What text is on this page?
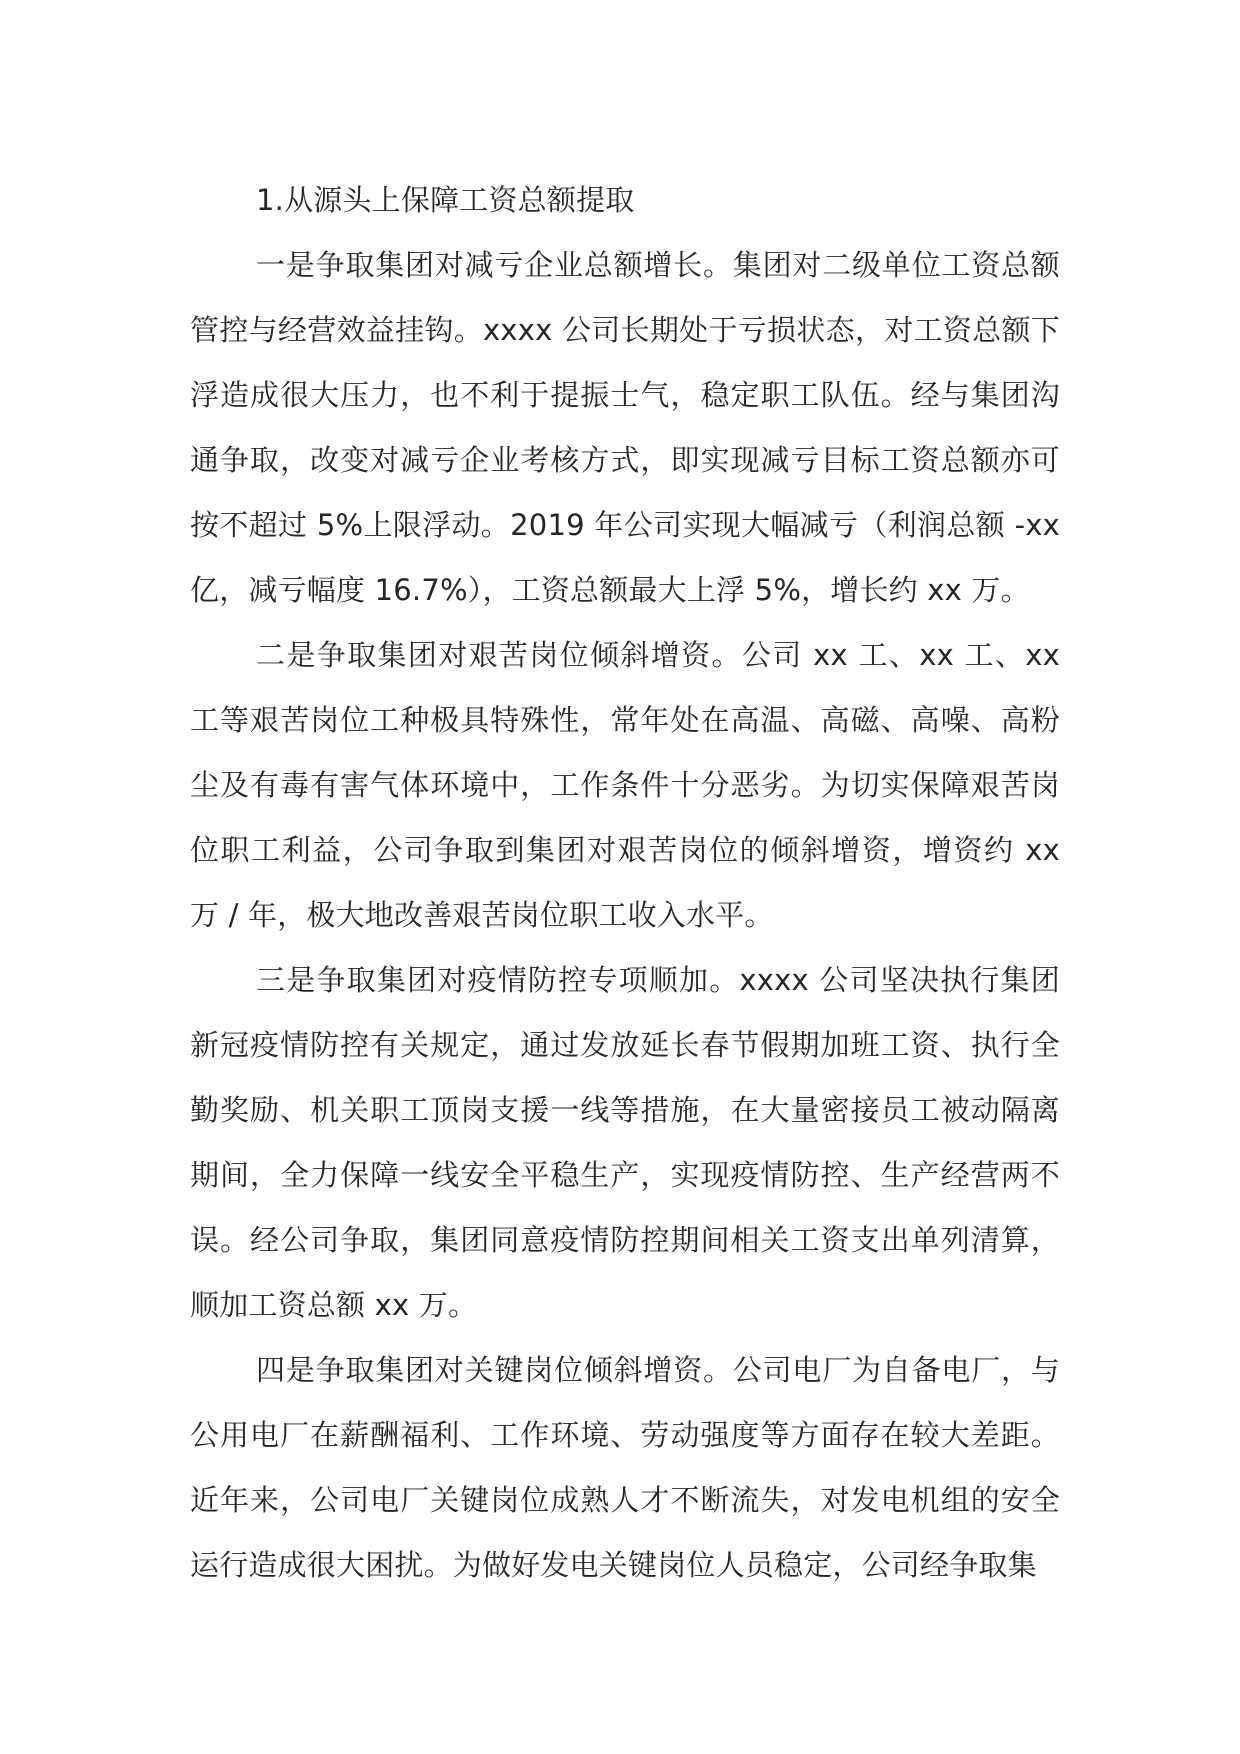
1.从源头上保障工资总额提取

一是争取集团对减亏企业总额增长。集团对二级单位工资总额管控与经营效益挂钩。xxxx 公司长期处于亏损状态，对工资总额下浮造成很大压力，也不利于提振士气，稳定职工队伍。经与集团沟通争取，改变对减亏企业考核方式，即实现减亏目标工资总额亦可按不超过 5%上限浮动。2019 年公司实现大幅减亏（利润总额 -xx 亿，减亏幅度 16.7%），工资总额最大上浮 5%，增长约 xx 万。

二是争取集团对艰苦岗位倾斜增资。公司 xx 工、xx 工、xx 工等艰苦岗位工种极具特殊性，常年处在高温、高磁、高噪、高粉尘及有毒有害气体环境中，工作条件十分恶劣。为切实保障艰苦岗位职工利益，公司争取到集团对艰苦岗位的倾斜增资，增资约 xx 万 / 年，极大地改善艰苦岗位职工收入水平。

三是争取集团对疫情防控专项顺加。xxxx 公司坚决执行集团新冠疫情防控有关规定，通过发放延长春节假期加班工资、执行全勤奖励、机关职工顶岗支援一线等措施，在大量密接员工被动隔离期间，全力保障一线安全平稳生产，实现疫情防控、生产经营两不误。经公司争取，集团同意疫情防控期间相关工资支出单列清算，顺加工资总额 xx 万。

四是争取集团对关键岗位倾斜增资。公司电厂为自备电厂，与公用电厂在薪酬福利、工作环境、劳动强度等方面存在较大差距。近年来，公司电厂关键岗位成熟人才不断流失，对发电机组的安全运行造成很大困扰。为做好发电关键岗位人员稳定，公司经争取集
